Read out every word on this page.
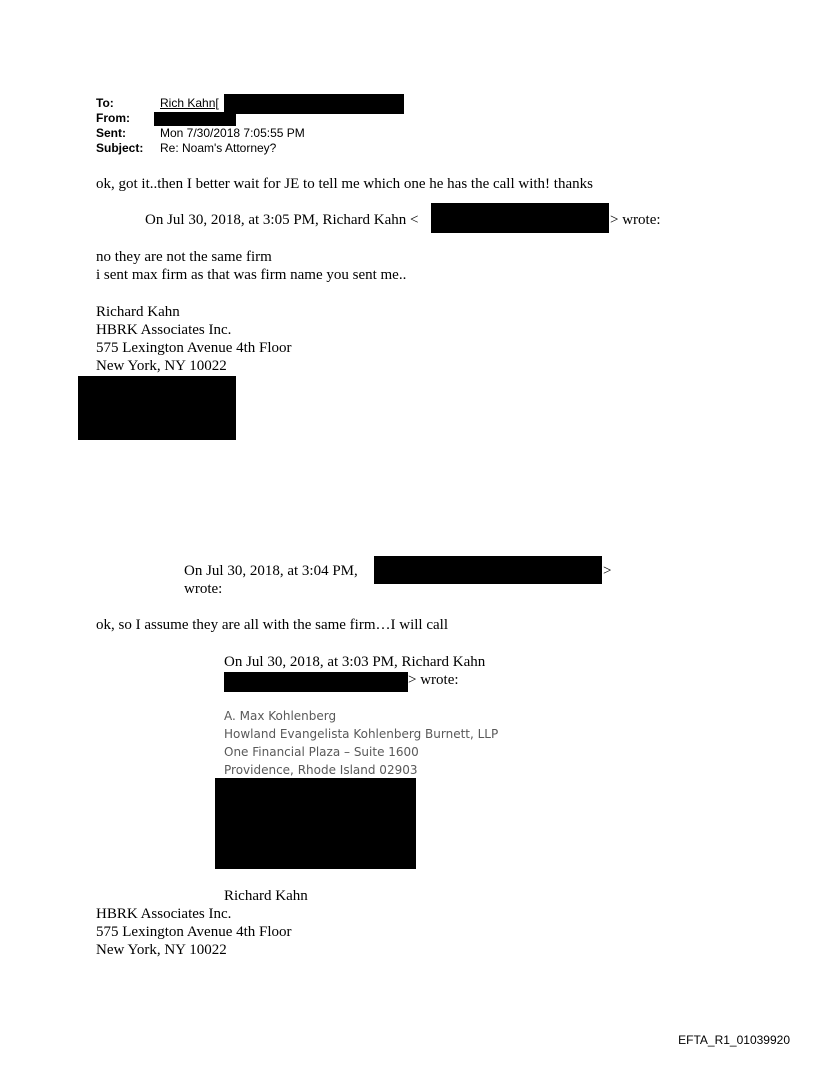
To:	Rich Kahn[
From:
Sent:	Mon 7/30/2018 7:05:55 PM
Subject: Re: Noam's Attorney?
ok, got it..then I better wait for JE to tell me which one he has the call with! thanks
On Jul 30, 2018, at 3:05 PM, Richard Kahn <	> wrote:
no they are not the same firm
i sent max firm as that was firm name you sent me..
Richard Kahn
HBRK Associates Inc.
575 Lexington Avenue 4th Floor
New York, NY 10022
On Jul 30, 2018, at 3:04 PM,	>
wrote:
ok, so I assume they are all with the same firm…I will call
On Jul 30, 2018, at 3:03 PM, Richard Kahn
> wrote:
A. Max Kohlenberg
Howland Evangelista Kohlenberg Burnett, LLP
One Financial Plaza – Suite 1600
Providence, Rhode Island 02903
Richard Kahn
HBRK Associates Inc.
575 Lexington Avenue 4th Floor
New York, NY 10022
EFTA_R1_01039920
